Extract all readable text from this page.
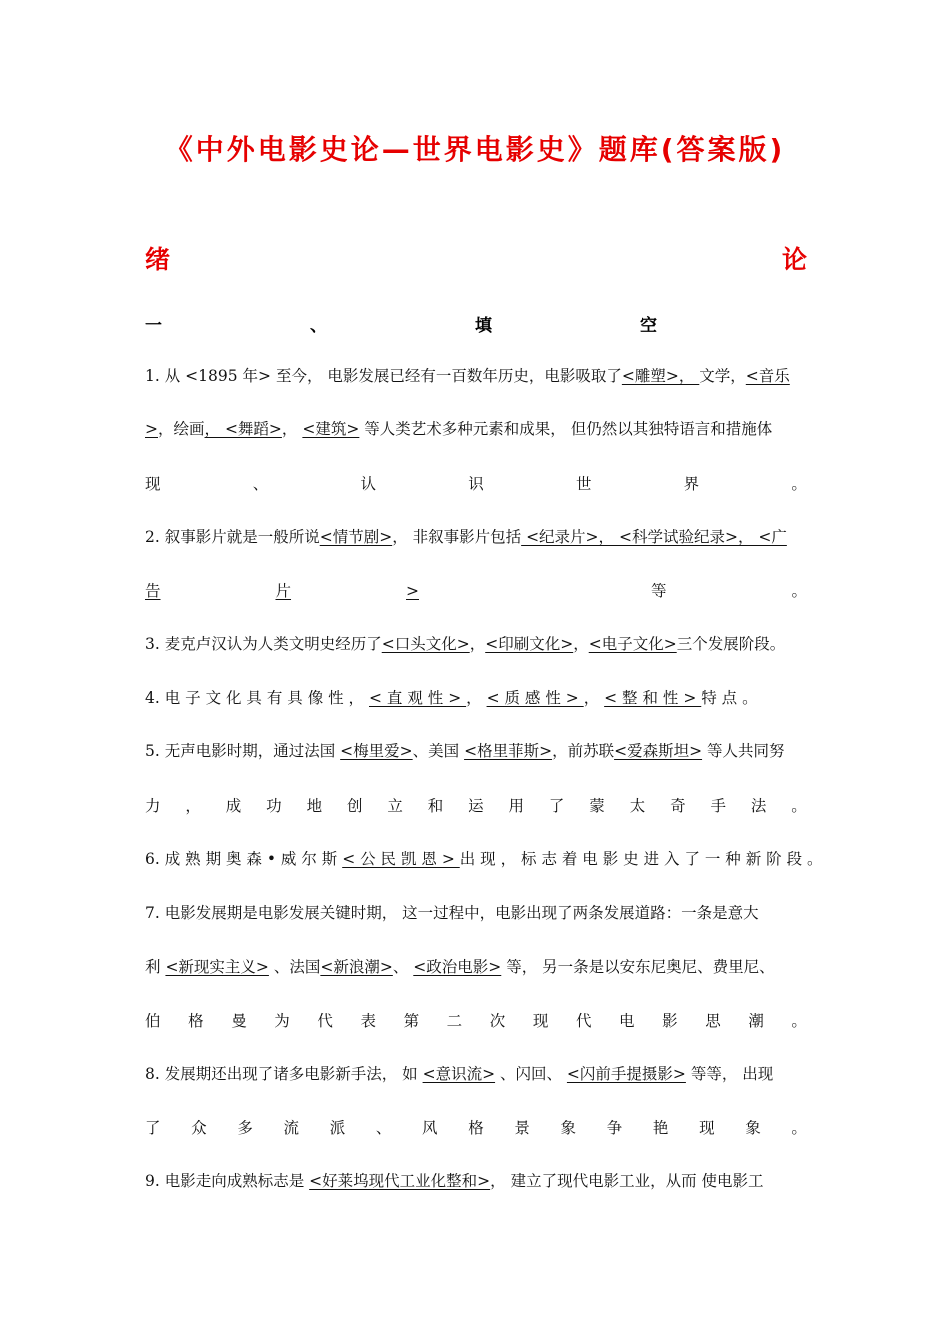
《中外电影史论—世界电影史》题库(答案版)
绪	论
一	、	填	空
1. 从 <1895 年> 至今， 电影发展已经有一百数年历史，电影吸取了<雕塑>， 文学，<音乐
>，绘画， <舞蹈>， <建筑> 等人类艺术多种元素和成果， 但仍然以其独特语言和措施体
现	、	认	识	世	界	。
2. 叙事影片就是一般所说<情节剧>， 非叙事影片包括 <纪录片>， <科学试验纪录>， <广
告	片	>	等	。
3. 麦克卢汉认为人类文明史经历了<口头文化>，<印刷文化>，<电子文化>三个发展阶段。
4. 电 子 文 化 具 有 具 像 性 ， < 直 观 性 > ， < 质 感 性 > ， < 整 和 性 > 特 点 。
5. 无声电影时期，通过法国 <梅里爱>、美国 <格里菲斯>，前苏联<爱森斯坦> 等人共同努
力 ， 成 功 地 创 立 和 运 用 了 蒙 太 奇 手 法 。
6. 成 熟 期 奥 森 • 威 尔 斯 < 公 民 凯 恩 > 出 现 ， 标 志 着 电 影 史 进 入 了 一 种 新 阶 段 。
7. 电影发展期是电影发展关键时期， 这一过程中，电影出现了两条发展道路：一条是意大
利 <新现实主义> 、法国<新浪潮>、 <政治电影> 等， 另一条是以安东尼奥尼、费里尼、
伯 格 曼 为 代 表 第 二 次 现 代 电 影 思 潮 。
8. 发展期还出现了诸多电影新手法， 如 <意识流> 、闪回、 <闪前手提摄影> 等等， 出现
了 众 多 流 派 、 风 格 景 象 争 艳 现 象 。
9. 电影走向成熟标志是 <好莱坞现代工业化整和>， 建立了现代电影工业，从而 使电影工
